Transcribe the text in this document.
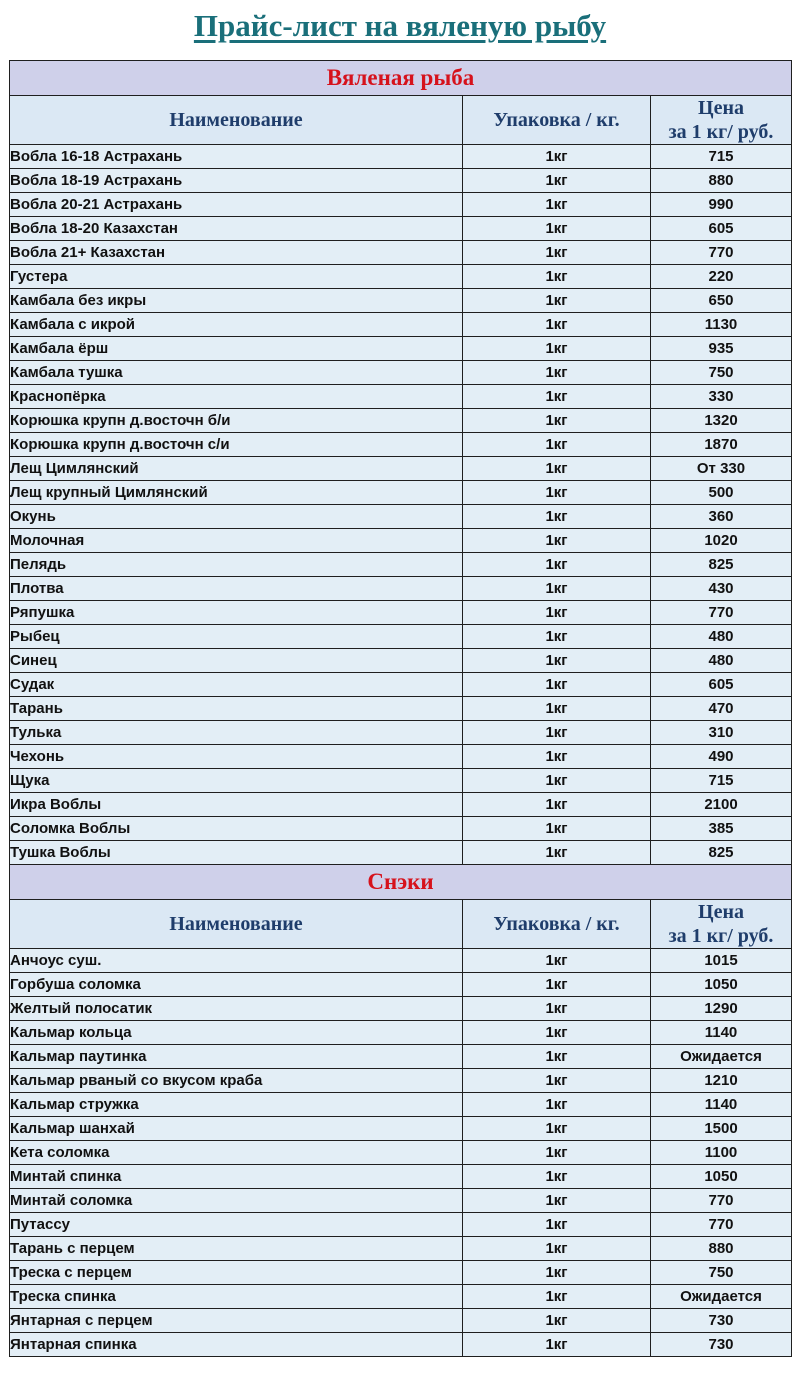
Прайс-лист на вяленую рыбу
Вяленая рыба		
Наименование	Упаковка / кг.	Цена
за 1 кг/ руб.

Вобла 16-18 Астрахань	1кг	715
Вобла 18-19 Астрахань	1кг	880
Вобла 20-21 Астрахань	1кг	990
Вобла 18-20 Казахстан	1кг	605
Вобла 21+ Казахстан	1кг	770
Густера	1кг	220
Камбала без икры	1кг	650
Камбала с икрой	1кг	1130
Камбала ёрш	1кг	935
Камбала тушка	1кг	750
Краснопёрка	1кг	330
Корюшка крупн д.восточн б/и	1кг	1320
Корюшка крупн д.восточн с/и	1кг	1870
Лещ Цимлянский	1кг	От 330
Лещ крупный Цимлянский	1кг	500
Окунь	1кг	360
Молочная	1кг	1020
Пелядь	1кг	825
Плотва	1кг	430
Ряпушка	1кг	770
Рыбец	1кг	480
Синец	1кг	480
Судак	1кг	605
Тарань	1кг	470
Тулька	1кг	310
Чехонь	1кг	490
Щука	1кг	715
Икра Воблы	1кг	2100
Соломка Воблы	1кг	385
Тушка Воблы	1кг	825
Снэки		
Наименование	Упаковка / кг.	Цена
за 1 кг/ руб.

Анчоус суш.	1кг	1015
Горбуша соломка	1кг	1050
Желтый полосатик	1кг	1290
Кальмар кольца	1кг	1140
Кальмар паутинка	1кг	Ожидается
Кальмар рваный со вкусом краба	1кг	1210
Кальмар стружка	1кг	1140
Кальмар шанхай	1кг	1500
Кета соломка	1кг	1100
Минтай спинка	1кг	1050
Минтай соломка	1кг	770
Путассу	1кг	770
Тарань с перцем	1кг	880
Треска с перцем	1кг	750
Треска спинка	1кг	Ожидается
Янтарная с перцем	1кг	730
Янтарная спинка	1кг	730
